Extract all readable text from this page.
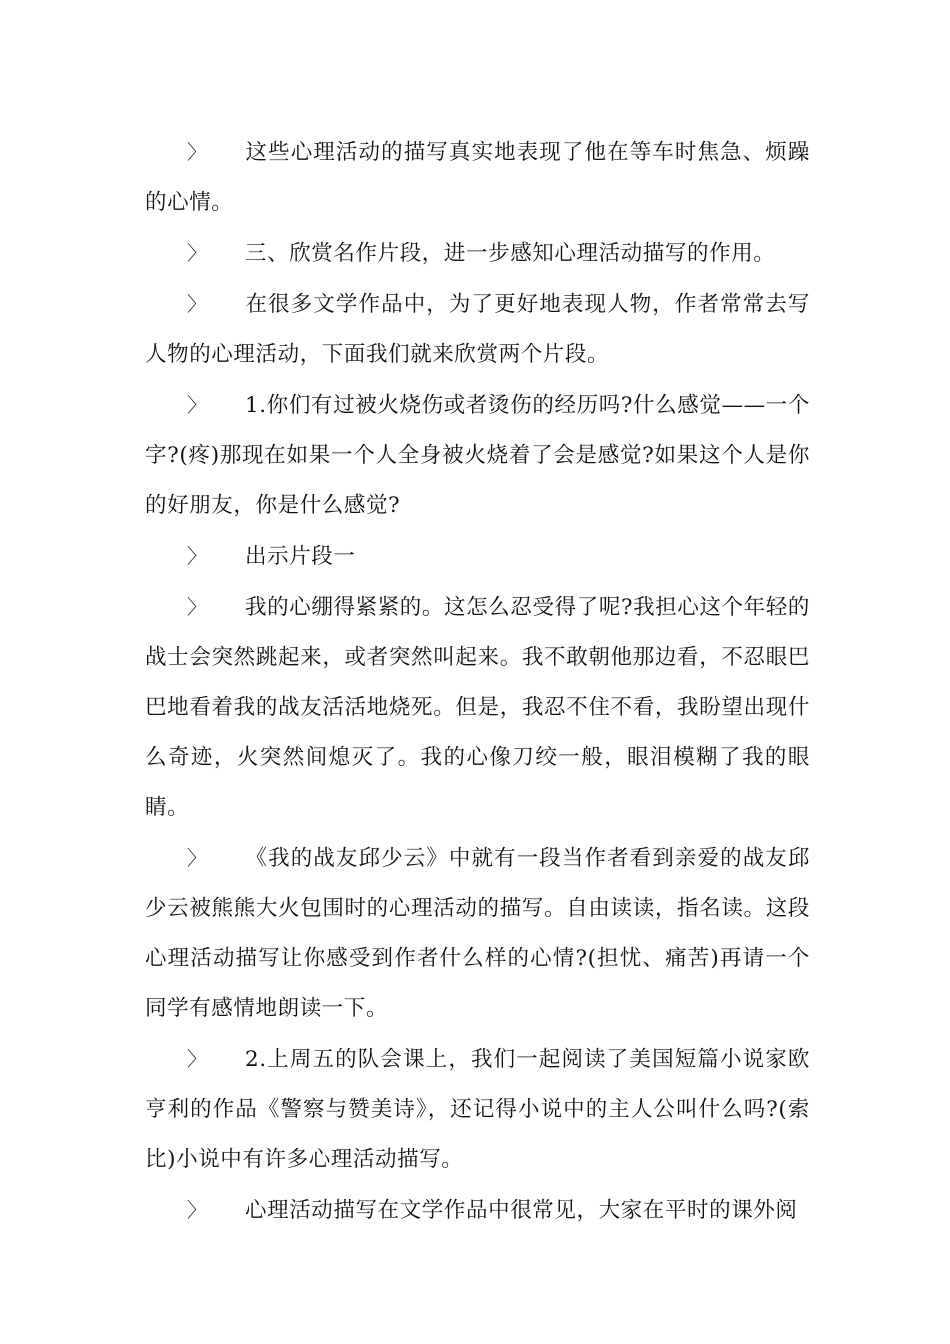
〉 这些心理活动的描写真实地表现了他在等车时焦急、烦躁的心情。

〉 三、欣赏名作片段，进一步感知心理活动描写的作用。

〉 在很多文学作品中，为了更好地表现人物，作者常常去写人物的心理活动，下面我们就来欣赏两个片段。

〉 1.你们有过被火烧伤或者烫伤的经历吗?什么感觉——一个字?(疼)那现在如果一个人全身被火烧着了会是感觉?如果这个人是你的好朋友，你是什么感觉?

〉 出示片段一

〉 我的心绷得紧紧的。这怎么忍受得了呢?我担心这个年轻的战士会突然跳起来，或者突然叫起来。我不敢朝他那边看，不忍眼巴巴地看着我的战友活活地烧死。但是，我忍不住不看，我盼望出现什么奇迹，火突然间熄灭了。我的心像刀绞一般，眼泪模糊了我的眼睛。

〉 《我的战友邱少云》中就有一段当作者看到亲爱的战友邱少云被熊熊大火包围时的心理活动的描写。自由读读，指名读。这段心理活动描写让你感受到作者什么样的心情?(担忧、痛苦)再请一个同学有感情地朗读一下。

〉 2.上周五的队会课上，我们一起阅读了美国短篇小说家欧亨利的作品《警察与赞美诗》，还记得小说中的主人公叫什么吗?(索比)小说中有许多心理活动描写。

〉 心理活动描写在文学作品中很常见，大家在平时的课外阅
